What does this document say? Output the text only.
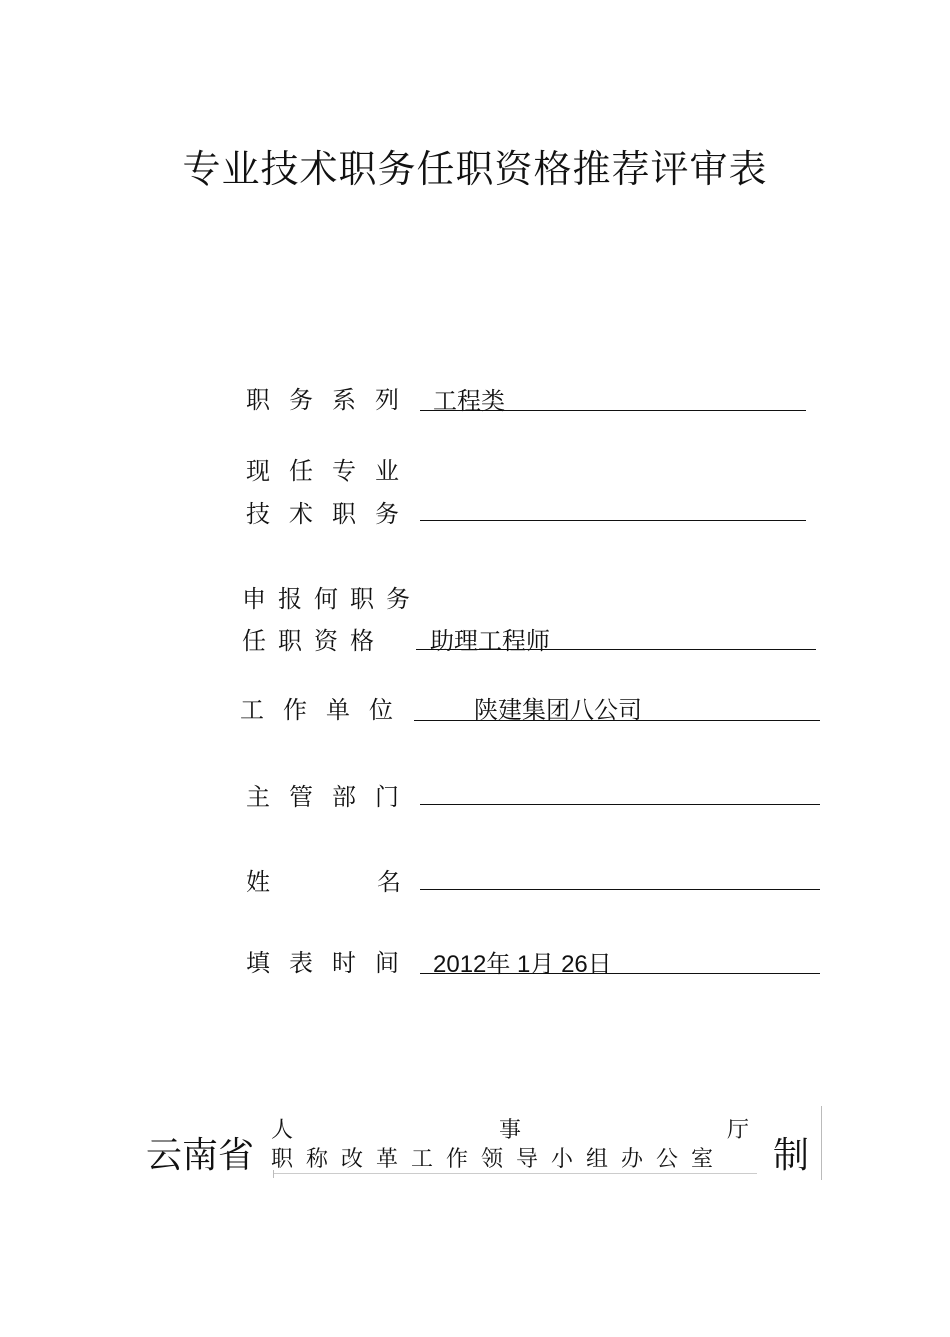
专业技术职务任职资格推荐评审表
职务系列 工程类
现任专业
技术职务
申报何职务
任职资格 助理工程师
工作单位	陕建集团八公司
主管部门
姓	名
填表时间 2012年 1月 26日
云南省
人	事	厅
职称改革工作领导小组办公室 制
